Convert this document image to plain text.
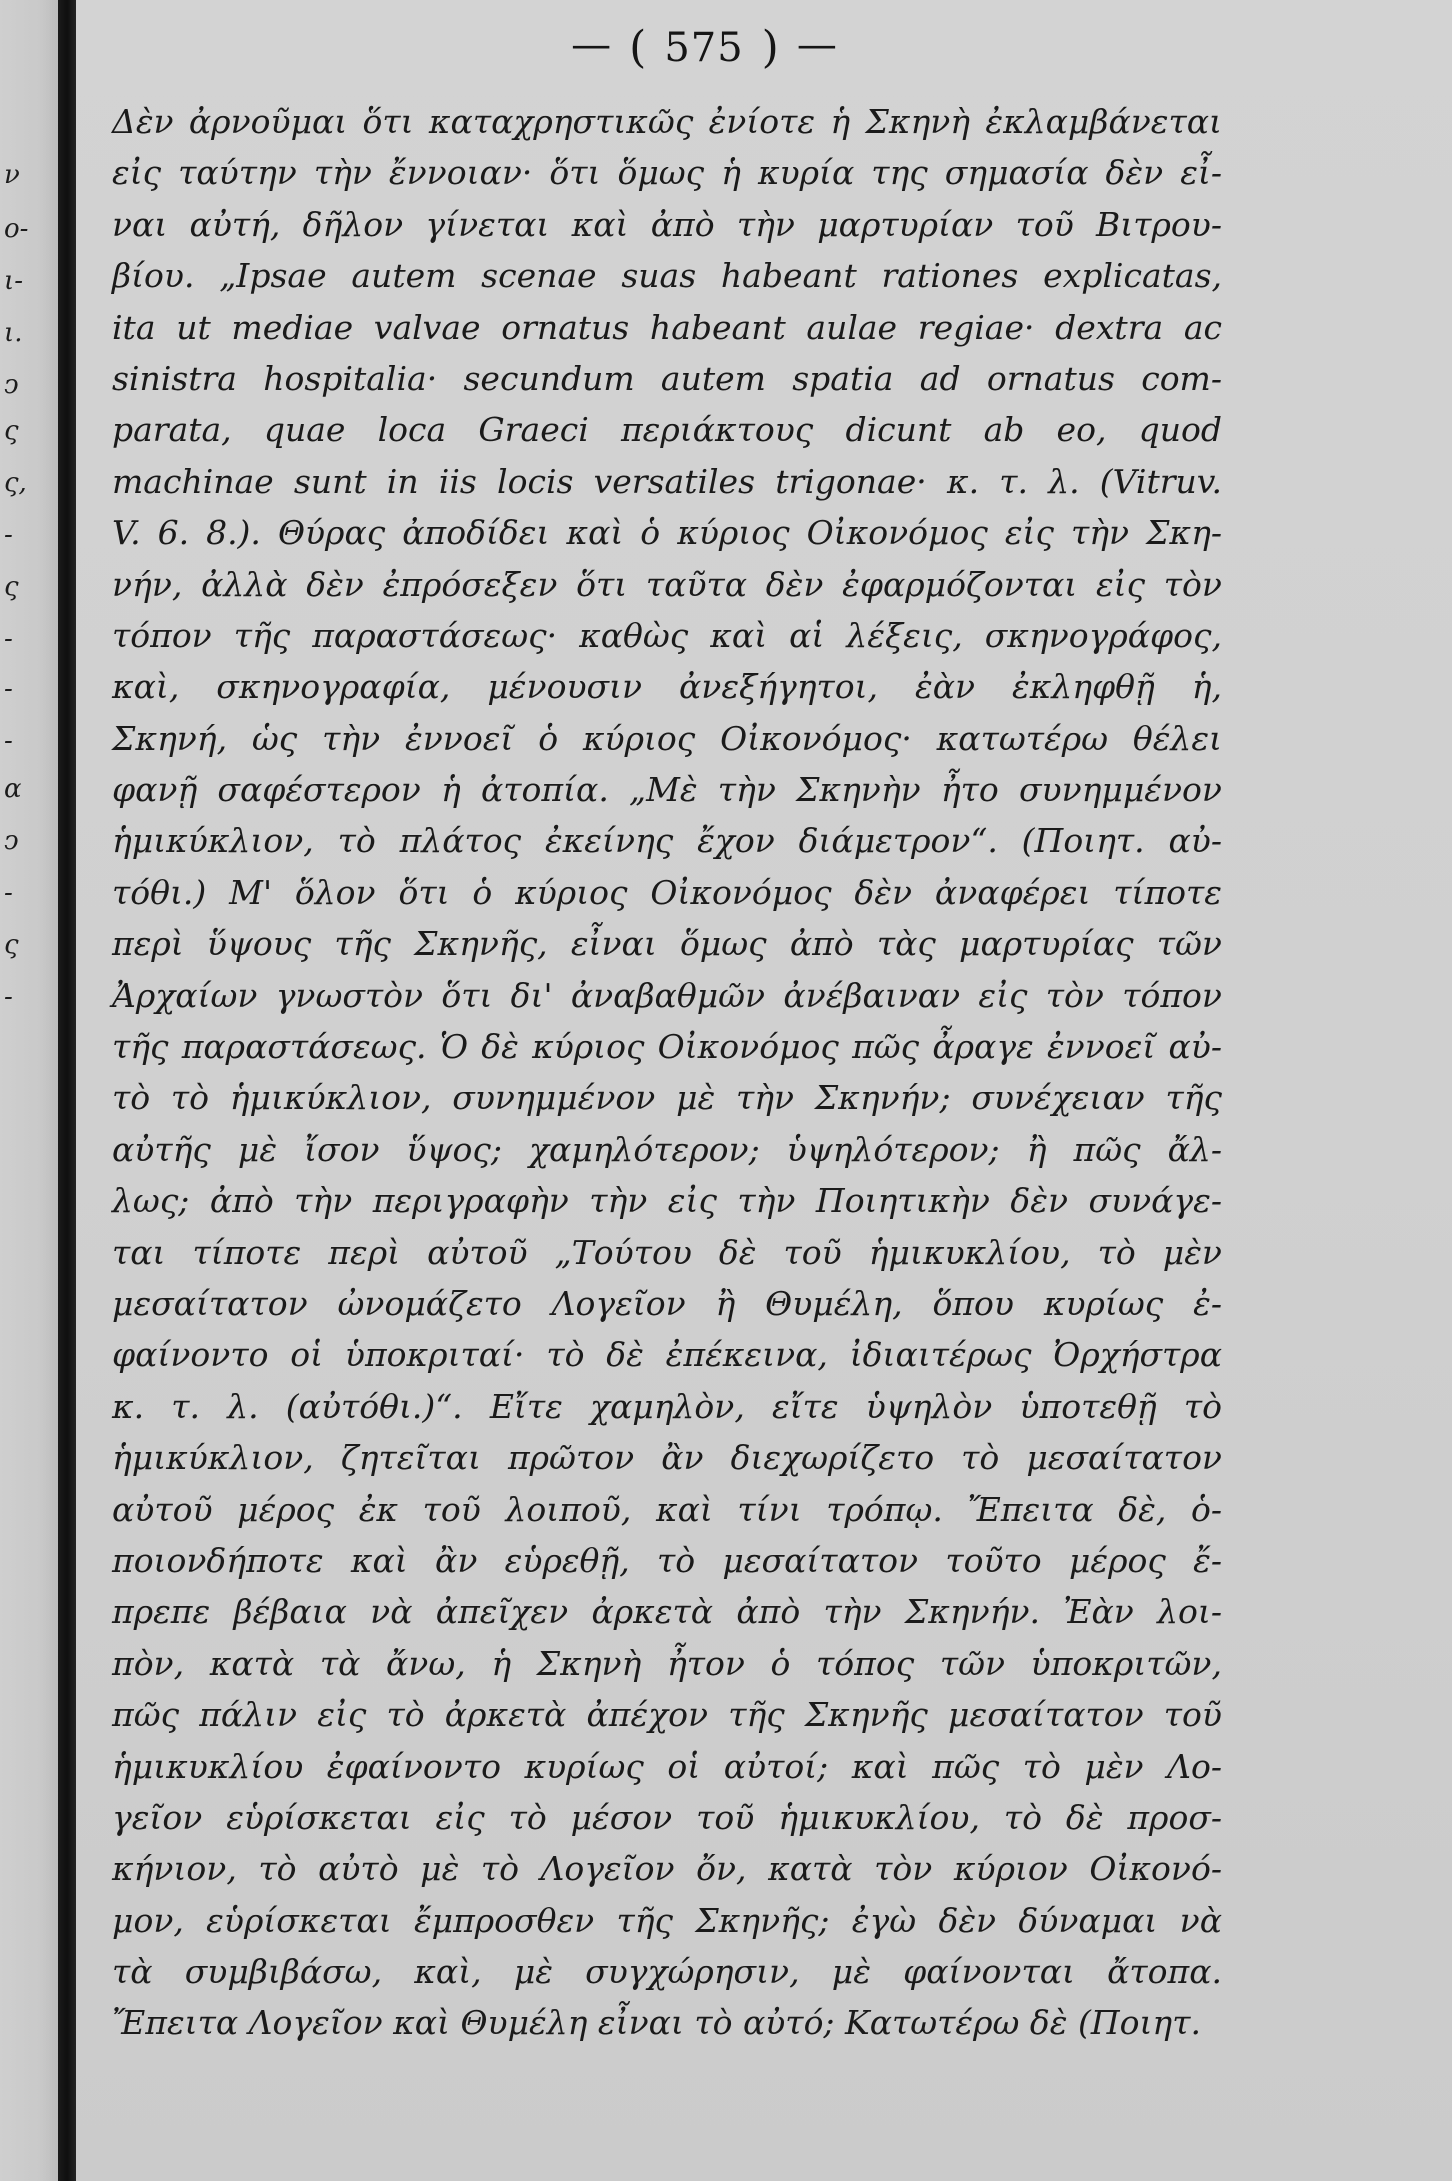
ν
ο-
ι-
ι.
ͻ
ς
ς,
-
ς
-
-
-
α
ͻ
-
ς
-
— ( 575 ) —
Δὲν ἀρνοῦμαι ὅτι καταχρηστικῶς ἐνίοτε ἡ Σκηνὴ ἐκλαμβάνεται
εἰς ταύτην τὴν ἔννοιαν· ὅτι ὅμως ἡ κυρία της σημασία δὲν εἶ-
ναι αὐτή, δῆλον γίνεται καὶ ἀπὸ τὴν μαρτυρίαν τοῦ Βιτρου-
βίου. „Ipsae autem scenae suas habeant rationes explicatas,
ita ut mediae valvae ornatus habeant aulae regiae· dextra ac
sinistra hospitalia· secundum autem spatia ad ornatus com-
parata, quae loca Graeci περιάκτους dicunt ab eo, quod
machinae sunt in iis locis versatiles trigonae· κ. τ. λ. (Vitruv.
V. 6. 8.). Θύρας ἀποδίδει καὶ ὁ κύριος Οἰκονόμος εἰς τὴν Σκη-
νήν, ἀλλὰ δὲν ἐπρόσεξεν ὅτι ταῦτα δὲν ἐφαρμόζονται εἰς τὸν
τόπον τῆς παραστάσεως· καθὼς καὶ αἱ λέξεις, σκηνογράφος,
καὶ, σκηνογραφία, μένουσιν ἀνεξήγητοι, ἐὰν ἐκληφθῇ ἡ,
Σκηνή, ὡς τὴν ἐννοεῖ ὁ κύριος Οἰκονόμος· κατωτέρω θέλει
φανῇ σαφέστερον ἡ ἀτοπία. „Μὲ τὴν Σκηνὴν ἦτο συνημμένον
ἡμικύκλιον, τὸ πλάτος ἐκείνης ἔχον διάμετρον“. (Ποιητ. αὐ-
τόθι.) Μ' ὅλον ὅτι ὁ κύριος Οἰκονόμος δὲν ἀναφέρει τίποτε
περὶ ὕψους τῆς Σκηνῆς, εἶναι ὅμως ἀπὸ τὰς μαρτυρίας τῶν
Ἀρχαίων γνωστὸν ὅτι δι' ἀναβαθμῶν ἀνέβαιναν εἰς τὸν τόπον
τῆς παραστάσεως. Ὁ δὲ κύριος Οἰκονόμος πῶς ἆραγε ἐννοεῖ αὐ-
τὸ τὸ ἡμικύκλιον, συνημμένον μὲ τὴν Σκηνήν; συνέχειαν τῆς
αὐτῆς μὲ ἴσον ὕψος; χαμηλότερον; ὑψηλότερον; ἢ πῶς ἄλ-
λως; ἀπὸ τὴν περιγραφὴν τὴν εἰς τὴν Ποιητικὴν δὲν συνάγε-
ται τίποτε περὶ αὐτοῦ „Τούτου δὲ τοῦ ἡμικυκλίου, τὸ μὲν
μεσαίτατον ὠνομάζετο Λογεῖον ἢ Θυμέλη, ὅπου κυρίως ἐ-
φαίνοντο οἱ ὑποκριταί· τὸ δὲ ἐπέκεινα, ἰδιαιτέρως Ὀρχήστρα
κ. τ. λ. (αὐτόθι.)“. Εἴτε χαμηλὸν, εἴτε ὑψηλὸν ὑποτεθῇ τὸ
ἡμικύκλιον, ζητεῖται πρῶτον ἂν διεχωρίζετο τὸ μεσαίτατον
αὐτοῦ μέρος ἐκ τοῦ λοιποῦ, καὶ τίνι τρόπῳ. Ἔπειτα δὲ, ὁ-
ποιονδήποτε καὶ ἂν εὑρεθῇ, τὸ μεσαίτατον τοῦτο μέρος ἔ-
πρεπε βέβαια νὰ ἀπεῖχεν ἀρκετὰ ἀπὸ τὴν Σκηνήν. Ἐὰν λοι-
πὸν, κατὰ τὰ ἄνω, ἡ Σκηνὴ ἦτον ὁ τόπος τῶν ὑποκριτῶν,
πῶς πάλιν εἰς τὸ ἀρκετὰ ἀπέχον τῆς Σκηνῆς μεσαίτατον τοῦ
ἡμικυκλίου ἐφαίνοντο κυρίως οἱ αὐτοί; καὶ πῶς τὸ μὲν Λο-
γεῖον εὑρίσκεται εἰς τὸ μέσον τοῦ ἡμικυκλίου, τὸ δὲ προσ-
κήνιον, τὸ αὐτὸ μὲ τὸ Λογεῖον ὄν, κατὰ τὸν κύριον Οἰκονό-
μον, εὑρίσκεται ἔμπροσθεν τῆς Σκηνῆς; ἐγὼ δὲν δύναμαι νὰ
τὰ συμβιβάσω, καὶ, μὲ συγχώρησιν, μὲ φαίνονται ἄτοπα.
Ἔπειτα Λογεῖον καὶ Θυμέλη εἶναι τὸ αὐτό; Κατωτέρω δὲ (Ποιητ.
